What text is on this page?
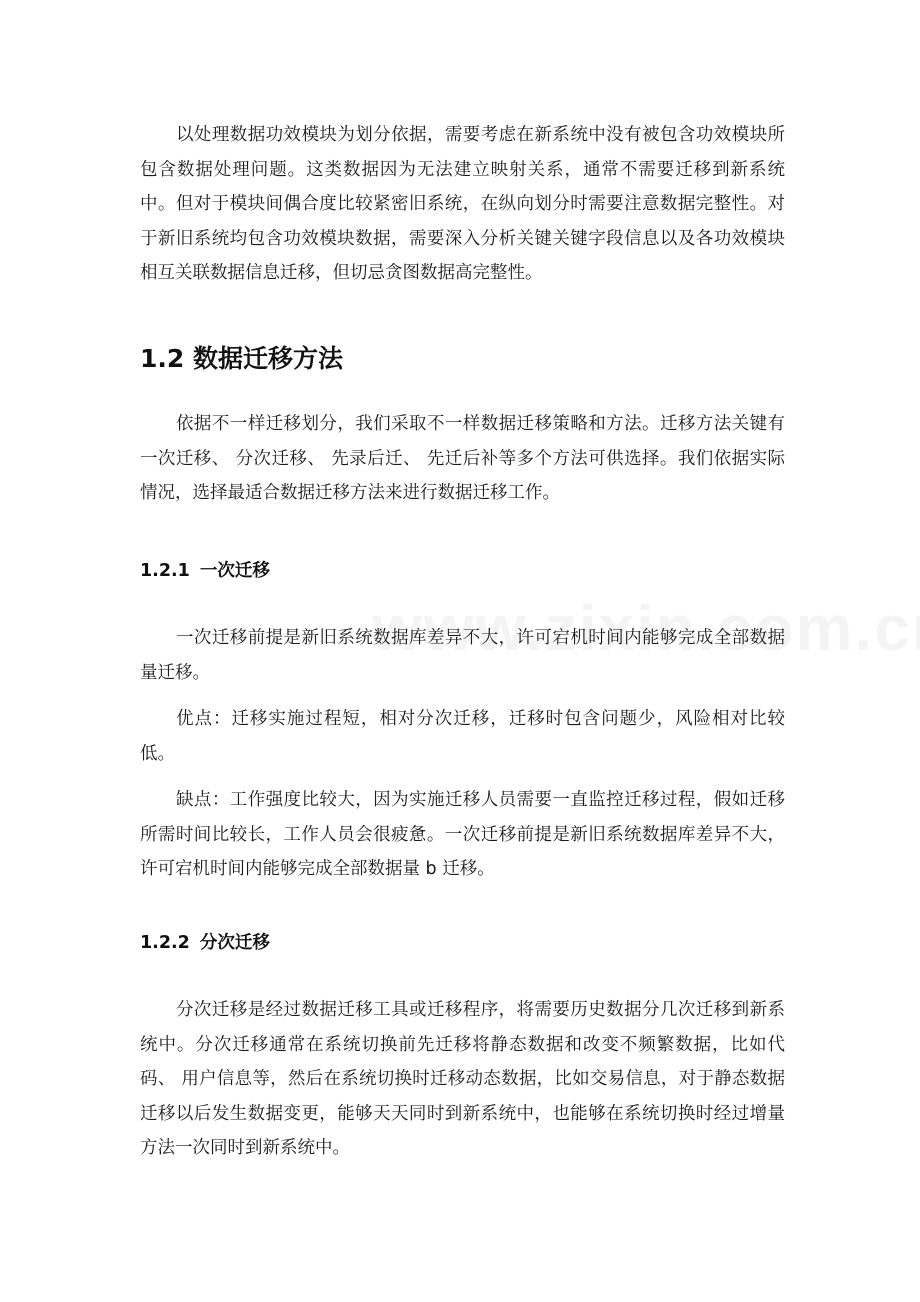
以处理数据功效模块为划分依据，需要考虑在新系统中没有被包含功效模块所包含数据处理问题。这类数据因为无法建立映射关系，通常不需要迁移到新系统中。但对于模块间偶合度比较紧密旧系统，在纵向划分时需要注意数据完整性。对于新旧系统均包含功效模块数据，需要深入分析关键关键字段信息以及各功效模块相互关联数据信息迁移，但切忌贪图数据高完整性。

1.2 数据迁移方法

依据不一样迁移划分，我们采取不一样数据迁移策略和方法。迁移方法关键有一次迁移、 分次迁移、 先录后迁、 先迁后补等多个方法可供选择。我们依据实际情况，选择最适合数据迁移方法来进行数据迁移工作。

1.2.1 一次迁移

一次迁移前提是新旧系统数据库差异不大，许可宕机时间内能够完成全部数据量迁移。

优点：迁移实施过程短，相对分次迁移，迁移时包含问题少，风险相对比较低。

缺点：工作强度比较大，因为实施迁移人员需要一直监控迁移过程，假如迁移所需时间比较长，工作人员会很疲惫。一次迁移前提是新旧系统数据库差异不大，许可宕机时间内能够完成全部数据量 b 迁移。

1.2.2 分次迁移

分次迁移是经过数据迁移工具或迁移程序，将需要历史数据分几次迁移到新系统中。分次迁移通常在系统切换前先迁移将静态数据和改变不频繁数据，比如代码、 用户信息等，然后在系统切换时迁移动态数据，比如交易信息，对于静态数据迁移以后发生数据变更，能够天天同时到新系统中，也能够在系统切换时经过增量方法一次同时到新系统中。
